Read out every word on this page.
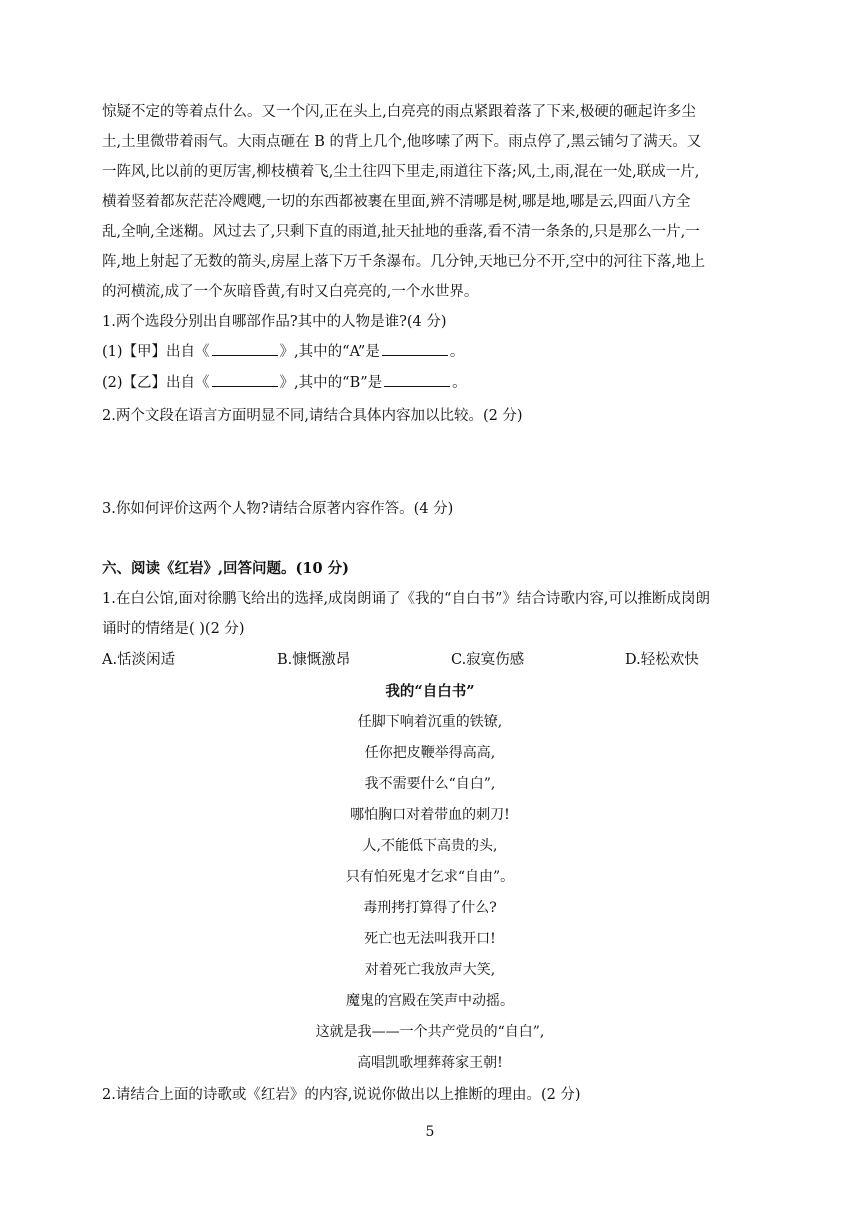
惊疑不定的等着点什么。又一个闪,正在头上,白亮亮的雨点紧跟着落了下来,极硬的砸起许多尘
土,土里微带着雨气。大雨点砸在 B 的背上几个,他哆嗦了两下。雨点停了,黑云铺匀了满天。又
一阵风,比以前的更厉害,柳枝横着飞,尘土往四下里走,雨道往下落;风,土,雨,混在一处,联成一片,
横着竖着都灰茫茫冷飕飕,一切的东西都被裹在里面,辨不清哪是树,哪是地,哪是云,四面八方全
乱,全响,全迷糊。风过去了,只剩下直的雨道,扯天扯地的垂落,看不清一条条的,只是那么一片,一
阵,地上射起了无数的箭头,房屋上落下万千条瀑布。几分钟,天地已分不开,空中的河往下落,地上
的河横流,成了一个灰暗昏黄,有时又白亮亮的,一个水世界。
1.两个选段分别出自哪部作品?其中的人物是谁?(4 分)
(1)【甲】出自《	》,其中的“A”是	。
(2)【乙】出自《	》,其中的“B”是	。
2.两个文段在语言方面明显不同,请结合具体内容加以比较。(2 分)
3.你如何评价这两个人物?请结合原著内容作答。(4 分)
六、阅读《红岩》,回答问题。(10 分)
1.在白公馆,面对徐鹏飞给出的选择,成岗朗诵了《我的“自白书”》结合诗歌内容,可以推断成岗朗
诵时的情绪是( )(2 分)
A.恬淡闲适	B.慷慨激昂	C.寂寞伤感	D.轻松欢快
我的“自白书”
任脚下响着沉重的铁镣,
任你把皮鞭举得高高,
我不需要什么“自白”,
哪怕胸口对着带血的刺刀!
人,不能低下高贵的头,
只有怕死鬼才乞求“自由”。
毒刑拷打算得了什么?
死亡也无法叫我开口!
对着死亡我放声大笑,
魔鬼的宫殿在笑声中动摇。
这就是我——一个共产党员的“自白”,
高唱凯歌埋葬蒋家王朝!
2.请结合上面的诗歌或《红岩》的内容,说说你做出以上推断的理由。(2 分)
5
